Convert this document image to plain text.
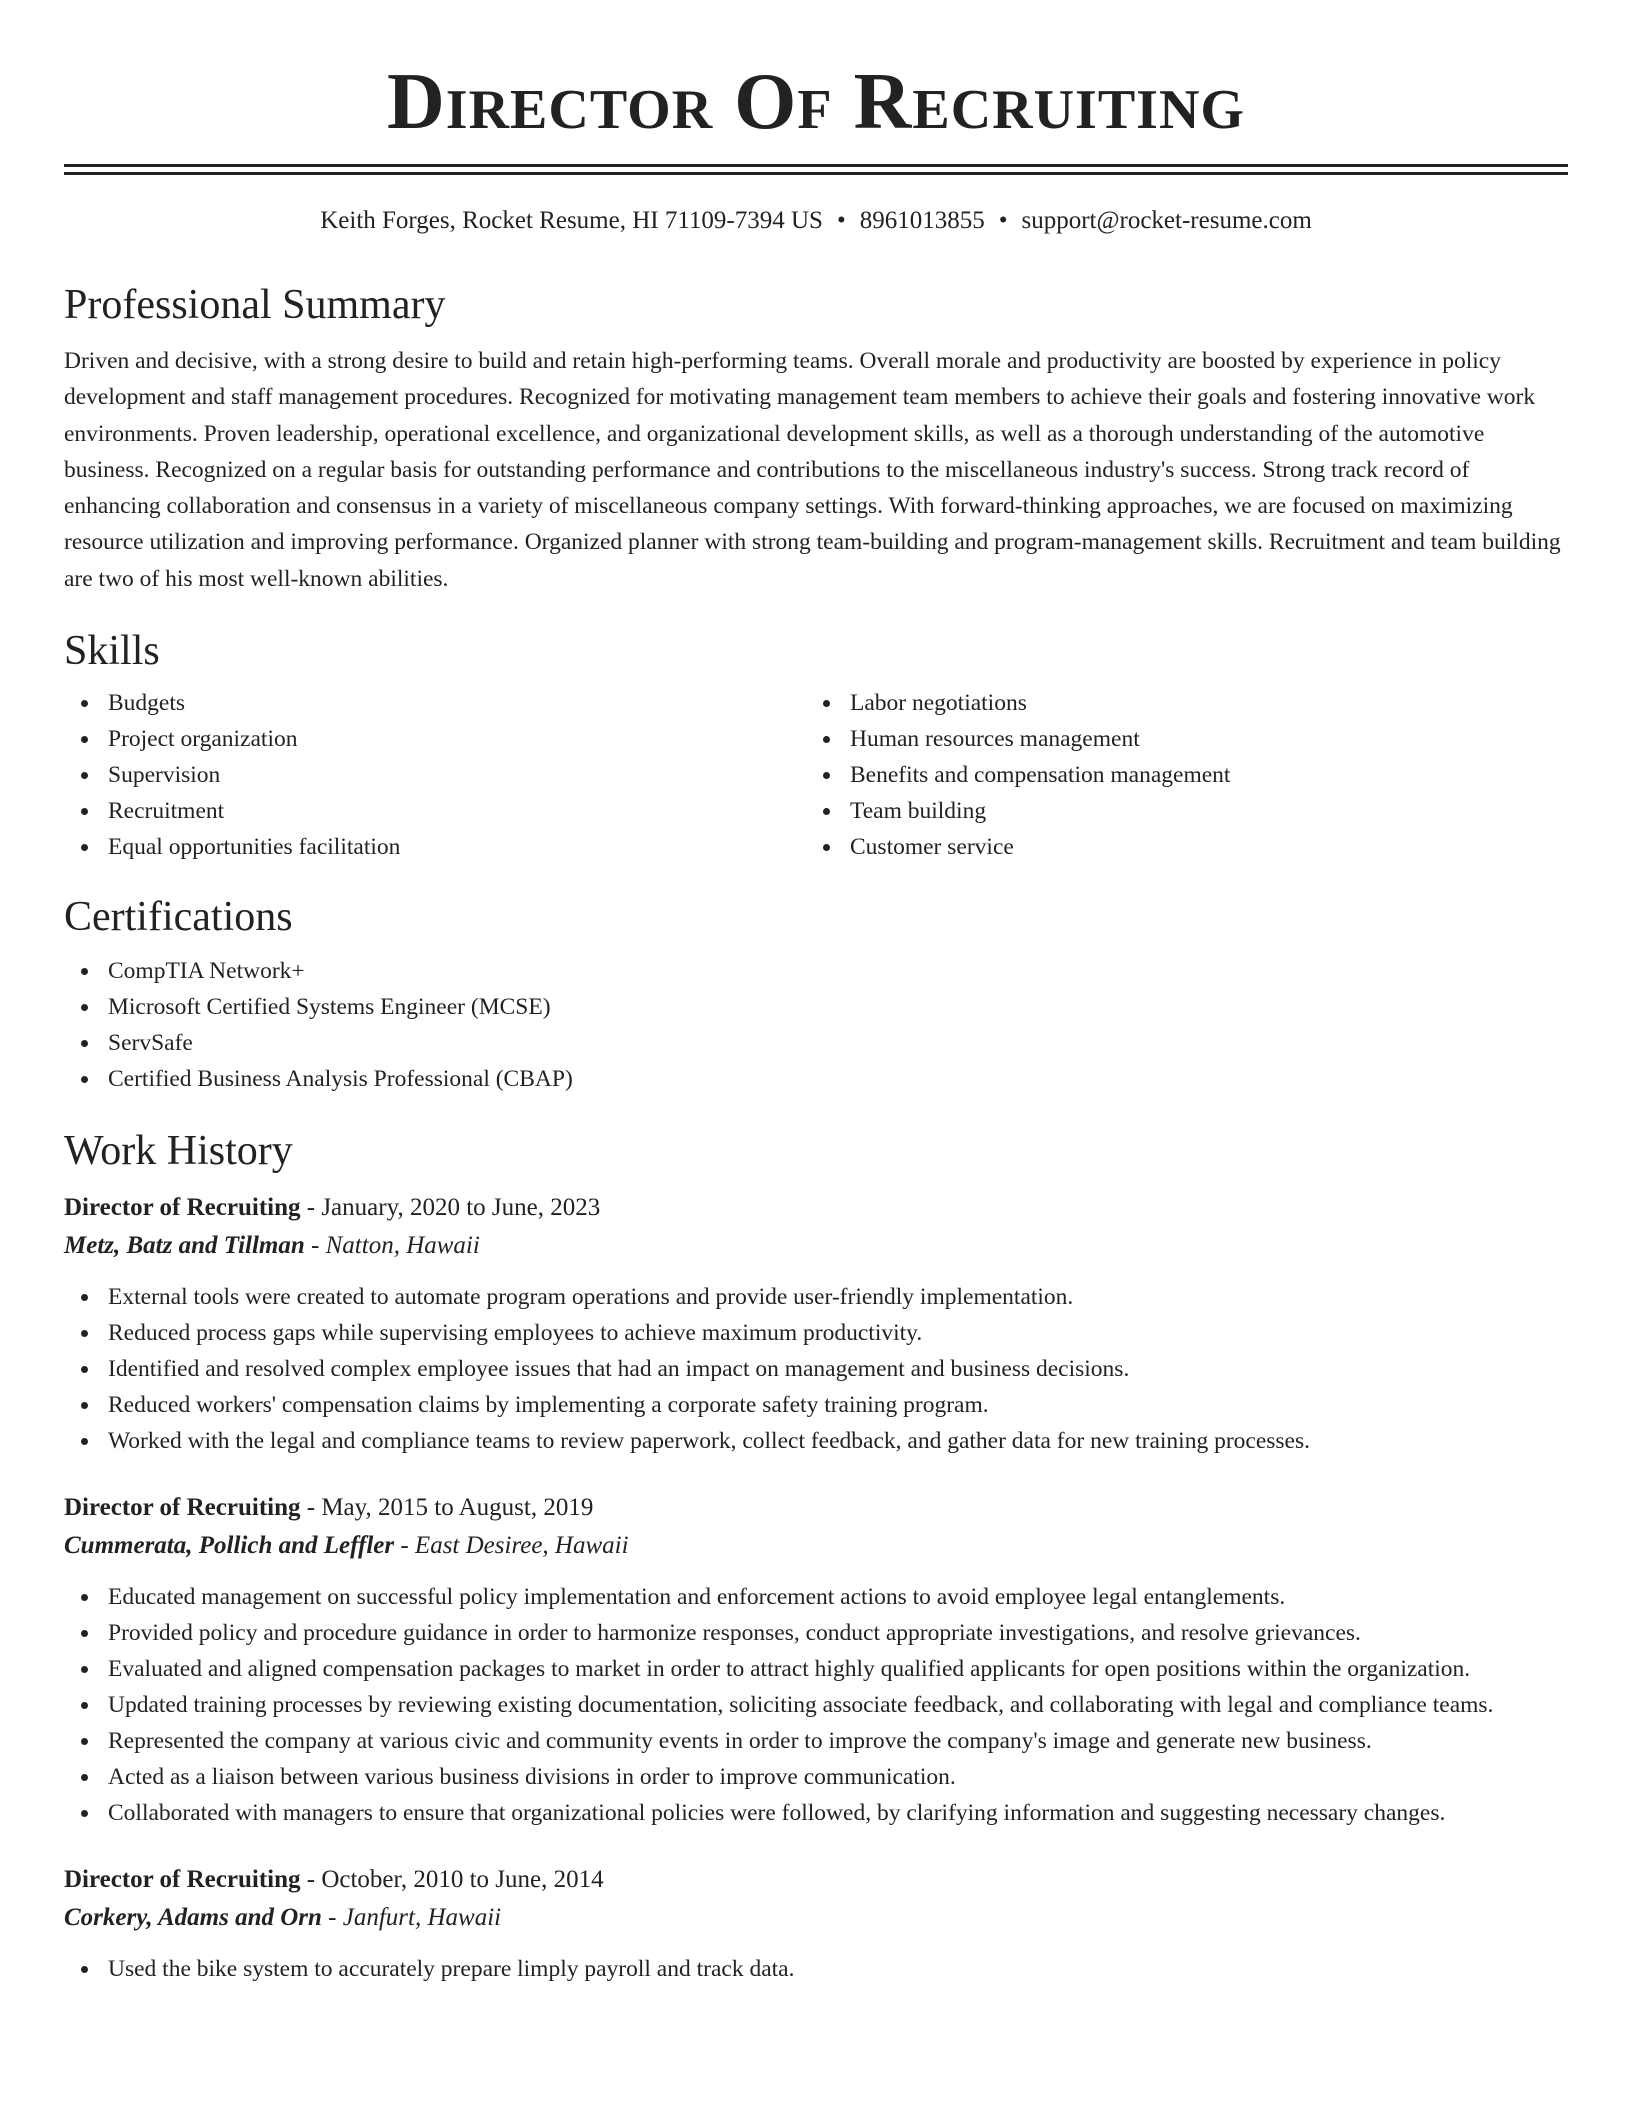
Director Of Recruiting
Keith Forges, Rocket Resume, HI 71109-7394 US • 8961013855 • support@rocket-resume.com
Professional Summary

Driven and decisive, with a strong desire to build and retain high-performing teams. Overall morale and productivity are boosted by experience in policy development and staff management procedures. Recognized for motivating management team members to achieve their goals and fostering innovative work environments. Proven leadership, operational excellence, and organizational development skills, as well as a thorough understanding of the automotive business. Recognized on a regular basis for outstanding performance and contributions to the miscellaneous industry's success. Strong track record of enhancing collaboration and consensus in a variety of miscellaneous company settings. With forward-thinking approaches, we are focused on maximizing resource utilization and improving performance. Organized planner with strong team-building and program-management skills. Recruitment and team building are two of his most well-known abilities.

Skills
Budgets
Project organization
Supervision
Recruitment
Equal opportunities facilitation
Labor negotiations
Human resources management
Benefits and compensation management
Team building
Customer service
Certifications
CompTIA Network+
Microsoft Certified Systems Engineer (MCSE)
ServSafe
Certified Business Analysis Professional (CBAP)
Work History
Director of Recruiting - January, 2020 to June, 2023
Metz, Batz and Tillman - Natton, Hawaii
External tools were created to automate program operations and provide user-friendly implementation.
Reduced process gaps while supervising employees to achieve maximum productivity.
Identified and resolved complex employee issues that had an impact on management and business decisions.
Reduced workers' compensation claims by implementing a corporate safety training program.
Worked with the legal and compliance teams to review paperwork, collect feedback, and gather data for new training processes.
Director of Recruiting - May, 2015 to August, 2019
Cummerata, Pollich and Leffler - East Desiree, Hawaii
Educated management on successful policy implementation and enforcement actions to avoid employee legal entanglements.
Provided policy and procedure guidance in order to harmonize responses, conduct appropriate investigations, and resolve grievances.
Evaluated and aligned compensation packages to market in order to attract highly qualified applicants for open positions within the organization.
Updated training processes by reviewing existing documentation, soliciting associate feedback, and collaborating with legal and compliance teams.
Represented the company at various civic and community events in order to improve the company's image and generate new business.
Acted as a liaison between various business divisions in order to improve communication.
Collaborated with managers to ensure that organizational policies were followed, by clarifying information and suggesting necessary changes.
Director of Recruiting - October, 2010 to June, 2014
Corkery, Adams and Orn - Janfurt, Hawaii
Used the bike system to accurately prepare limply payroll and track data.
